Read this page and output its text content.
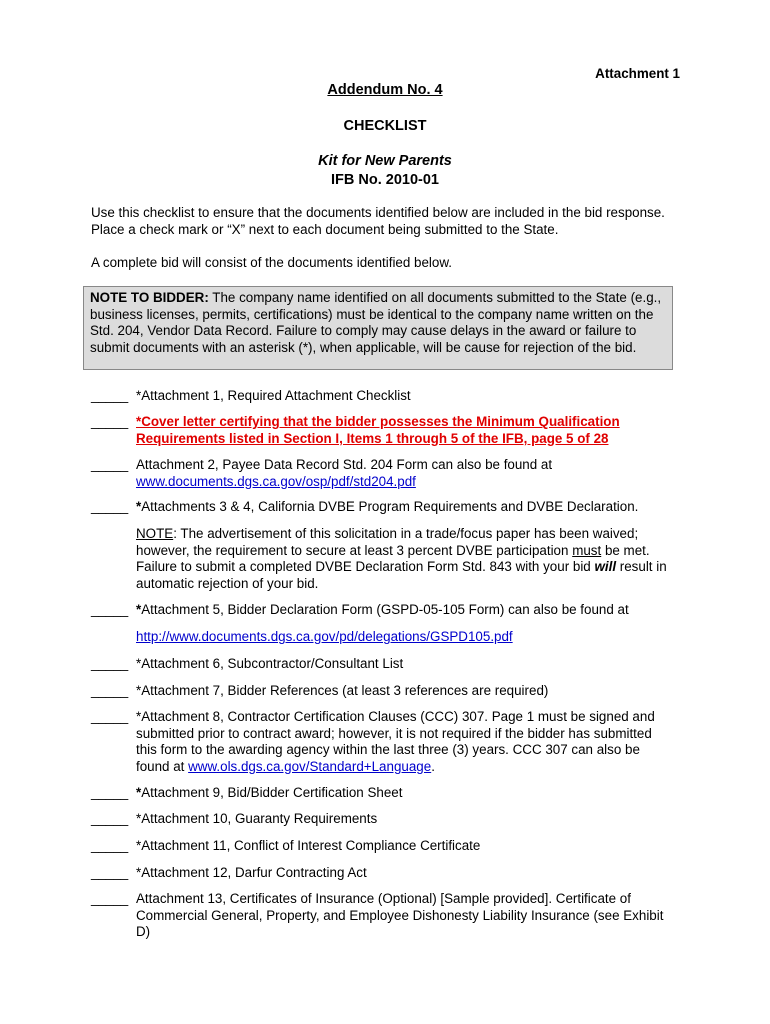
Attachment 1
Addendum No. 4
CHECKLIST
Kit for New Parents
IFB No. 2010-01
Use this checklist to ensure that the documents identified below are included in the bid response. Place a check mark or “X” next to each document being submitted to the State.
A complete bid will consist of the documents identified below.
NOTE TO BIDDER: The company name identified on all documents submitted to the State (e.g., business licenses, permits, certifications) must be identical to the company name written on the Std. 204, Vendor Data Record. Failure to comply may cause delays in the award or failure to submit documents with an asterisk (*), when applicable, will be cause for rejection of the bid.
_____ *Attachment 1, Required Attachment Checklist
_____ *Cover letter certifying that the bidder possesses the Minimum Qualification Requirements listed in Section I, Items 1 through 5 of the IFB, page 5 of 28
_____ Attachment 2, Payee Data Record Std. 204 Form can also be found at
www.documents.dgs.ca.gov/osp/pdf/std204.pdf
_____ *Attachments 3 & 4, California DVBE Program Requirements and DVBE Declaration.
NOTE: The advertisement of this solicitation in a trade/focus paper has been waived; however, the requirement to secure at least 3 percent DVBE participation must be met. Failure to submit a completed DVBE Declaration Form Std. 843 with your bid will result in automatic rejection of your bid.
_____ *Attachment 5, Bidder Declaration Form (GSPD-05-105 Form) can also be found at
http://www.documents.dgs.ca.gov/pd/delegations/GSPD105.pdf
_____ *Attachment 6, Subcontractor/Consultant List
_____ *Attachment 7, Bidder References (at least 3 references are required)
_____ *Attachment 8, Contractor Certification Clauses (CCC) 307. Page 1 must be signed and submitted prior to contract award; however, it is not required if the bidder has submitted this form to the awarding agency within the last three (3) years. CCC 307 can also be found at www.ols.dgs.ca.gov/Standard+Language.
_____ *Attachment 9, Bid/Bidder Certification Sheet
_____ *Attachment 10, Guaranty Requirements
_____ *Attachment 11, Conflict of Interest Compliance Certificate
_____ *Attachment 12, Darfur Contracting Act
_____ Attachment 13, Certificates of Insurance (Optional) [Sample provided]. Certificate of Commercial General, Property, and Employee Dishonesty Liability Insurance (see Exhibit D)
